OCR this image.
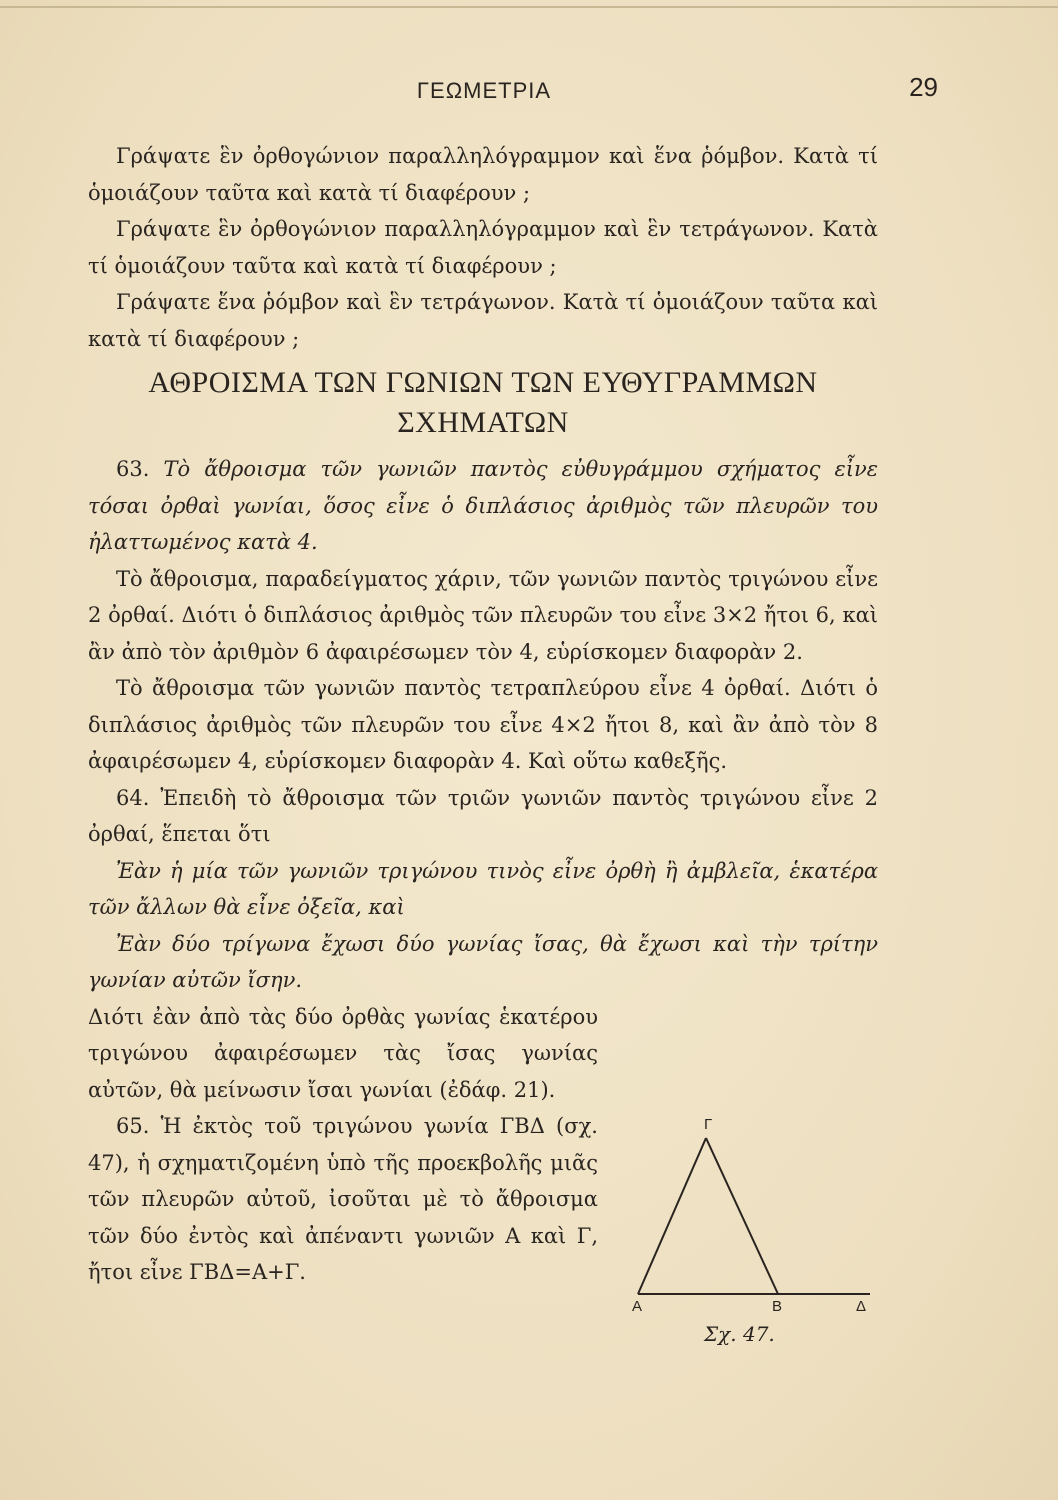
ΓΕΩΜΕΤΡΙΑ	29

Γράψατε ἓν ὀρθογώνιον παραλληλόγραμμον καὶ ἕνα ῥόμβον. Κατὰ τί ὁμοιάζουν ταῦτα καὶ κατὰ τί διαφέρουν ;

Γράψατε ἓν ὀρθογώνιον παραλληλόγραμμον καὶ ἓν τετράγωνον. Κατὰ τί ὁμοιάζουν ταῦτα καὶ κατὰ τί διαφέρουν ;

Γράψατε ἕνα ῥόμβον καὶ ἓν τετράγωνον. Κατὰ τί ὁμοιάζουν ταῦτα καὶ κατὰ τί διαφέρουν ;

ΑΘΡΟΙΣΜΑ ΤΩΝ ΓΩΝΙΩΝ ΤΩΝ ΕΥΘΥΓΡΑΜΜΩΝ
ΣΧΗΜΑΤΩΝ

63. Τὸ ἄθροισμα τῶν γωνιῶν παντὸς εὐθυγράμμου σχήματος εἶνε τόσαι ὀρθαὶ γωνίαι, ὅσος εἶνε ὁ διπλάσιος ἀριθμὸς τῶν πλευρῶν του ἠλαττωμένος κατὰ 4.

Τὸ ἄθροισμα, παραδείγματος χάριν, τῶν γωνιῶν παντὸς τριγώνου εἶνε 2 ὀρθαί. Διότι ὁ διπλάσιος ἀριθμὸς τῶν πλευρῶν του εἶνε 3×2 ἤτοι 6, καὶ ἂν ἀπὸ τὸν ἀριθμὸν 6 ἀφαιρέσωμεν τὸν 4, εὑρίσκομεν διαφορὰν 2.

Τὸ ἄθροισμα τῶν γωνιῶν παντὸς τετραπλεύρου εἶνε 4 ὀρθαί. Διότι ὁ διπλάσιος ἀριθμὸς τῶν πλευρῶν του εἶνε 4×2 ἤτοι 8, καὶ ἂν ἀπὸ τὸν 8 ἀφαιρέσωμεν 4, εὑρίσκομεν διαφορὰν 4. Καὶ οὕτω καθεξῆς.

64. Ἐπειδὴ τὸ ἄθροισμα τῶν τριῶν γωνιῶν παντὸς τριγώνου εἶνε 2 ὀρθαί, ἕπεται ὅτι

Ἐὰν ἡ μία τῶν γωνιῶν τριγώνου τινὸς εἶνε ὀρθὴ ἢ ἀμβλεῖα, ἑκατέρα τῶν ἄλλων θὰ εἶνε ὀξεῖα, καὶ

Ἐὰν δύο τρίγωνα ἔχωσι δύο γωνίας ἴσας, θὰ ἔχωσι καὶ τὴν τρίτην γωνίαν αὐτῶν ἴσην.

Διότι ἐὰν ἀπὸ τὰς δύο ὀρθὰς γωνίας ἑκατέρου τριγώνου ἀφαιρέσωμεν τὰς ἴσας γωνίας αὐτῶν, θὰ μείνωσιν ἴσαι γωνίαι (ἐδάφ. 21).

65. Ἡ ἐκτὸς τοῦ τριγώνου γωνία ΓΒΔ (σχ. 47), ἡ σχηματιζομένη ὑπὸ τῆς προεκβολῆς μιᾶς τῶν πλευρῶν αὐτοῦ, ἰσοῦται μὲ τὸ ἄθροισμα τῶν δύο ἐντὸς καὶ ἀπέναντι γωνιῶν Α καὶ Γ, ἤτοι εἶνε ΓΒΔ=Α+Γ.

Γ
Α	Β	Δ
Σχ. 47.
